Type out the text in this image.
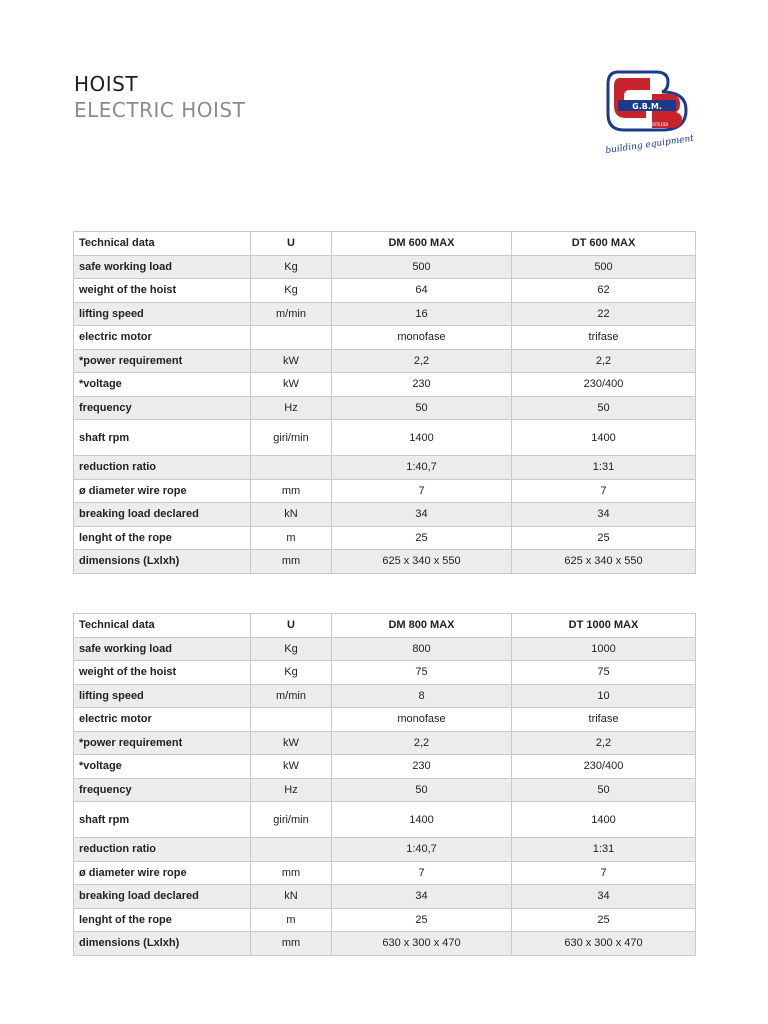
HOIST
ELECTRIC HOIST	G.B.M.
PORTEDDI
building equipment
Technical data	U	DM 600 MAX	DT 600 MAX
safe working load	Kg	500	500
weight of the hoist	Kg	64	62
lifting speed	m/min	16	22
electric motor		monofase	trifase
*power requirement	kW	2,2	2,2
*voltage	kW	230	230/400
frequency	Hz	50	50
shaft rpm	giri/min	1400	1400
reduction ratio		1:40,7	1:31
ø diameter wire rope	mm	7	7
breaking load declared	kN	34	34
lenght of the rope	m	25	25
dimensions (Lxlxh)	mm	625 x 340 x 550	625 x 340 x 550
Technical data	U	DM 800 MAX	DT 1000 MAX
safe working load	Kg	800	1000
weight of the hoist	Kg	75	75
lifting speed	m/min	8	10
electric motor		monofase	trifase
*power requirement	kW	2,2	2,2
*voltage	kW	230	230/400
frequency	Hz	50	50
shaft rpm	giri/min	1400	1400
reduction ratio		1:40,7	1:31
ø diameter wire rope	mm	7	7
breaking load declared	kN	34	34
lenght of the rope	m	25	25
dimensions (Lxlxh)	mm	630 x 300 x 470	630 x 300 x 470
